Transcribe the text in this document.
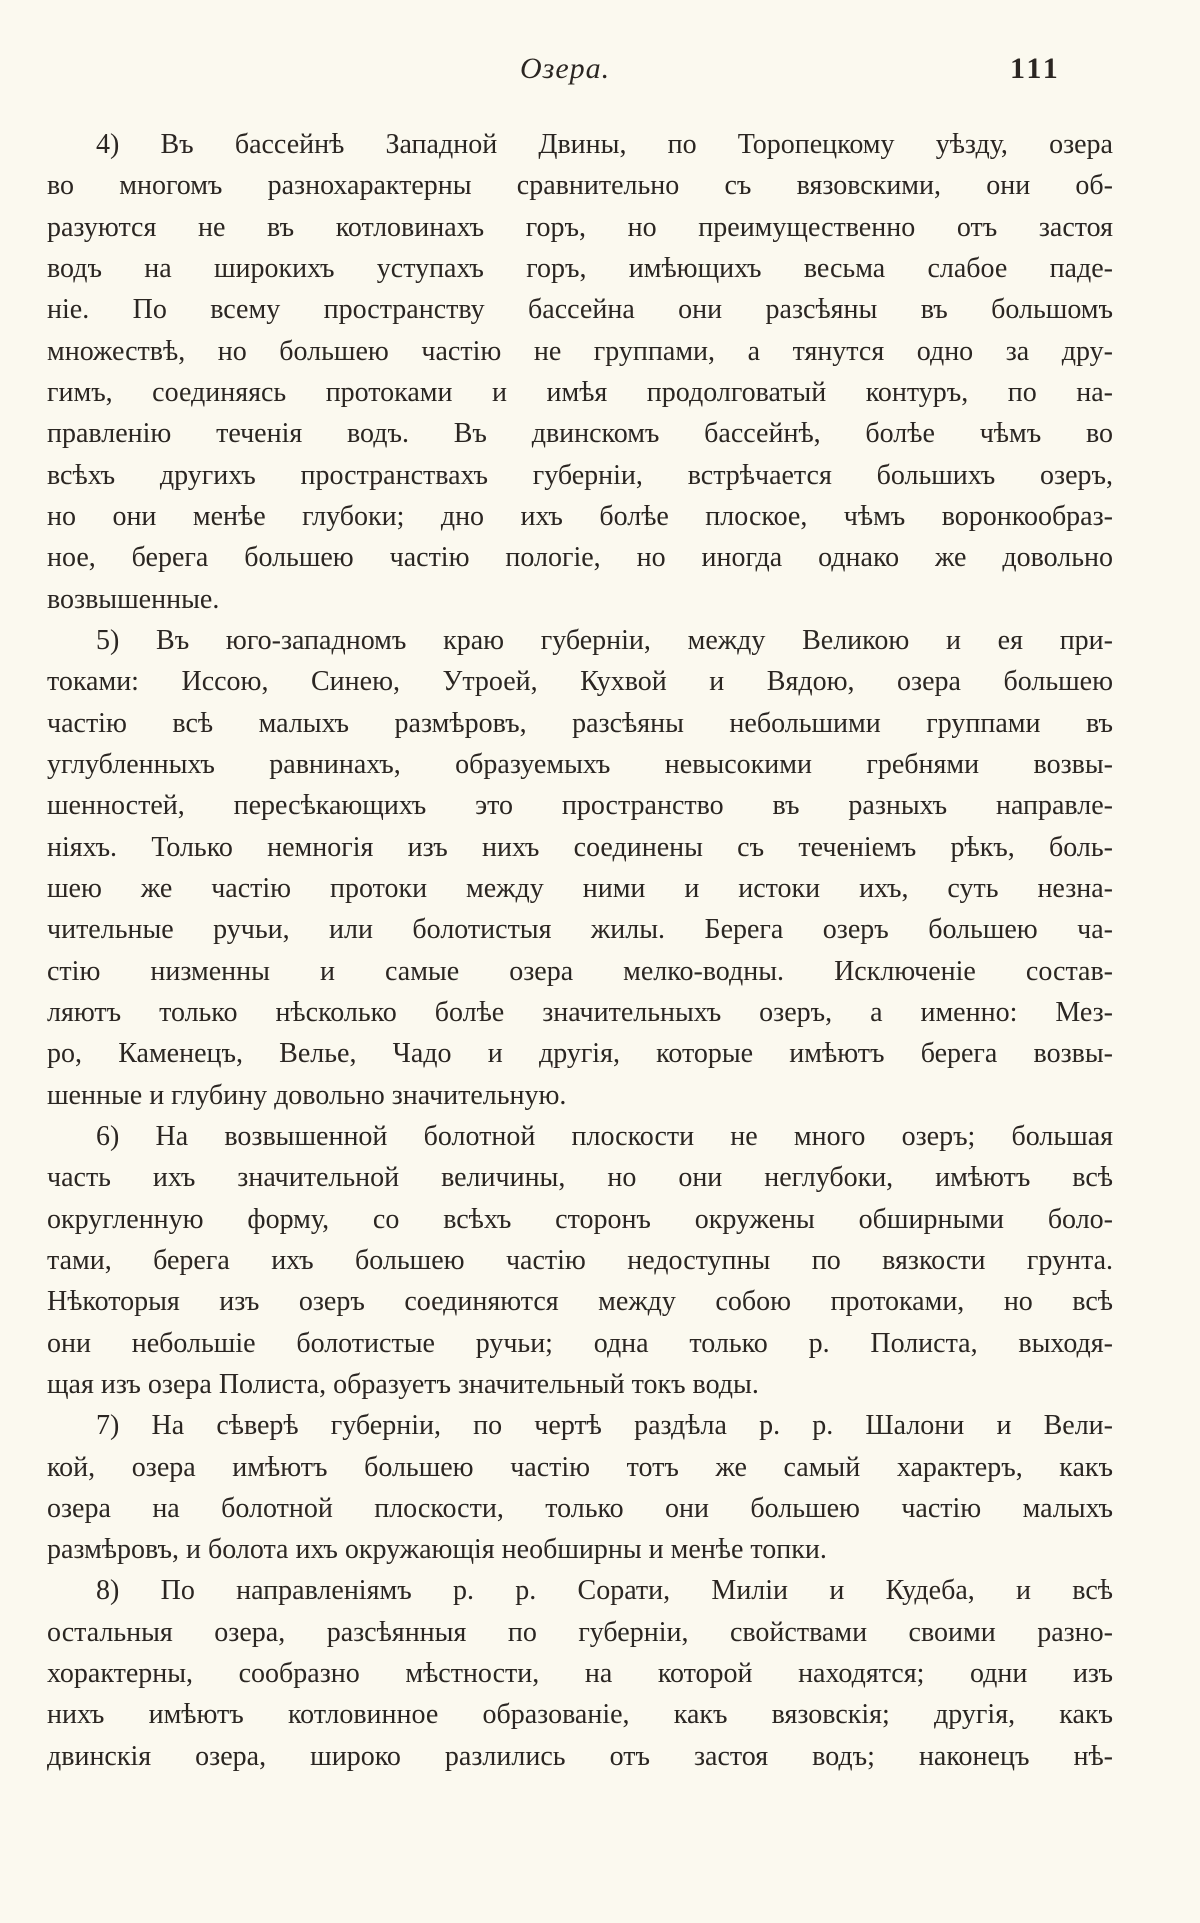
Озера.	111
4) Въ бассейнѣ Западной Двины, по Торопецкому уѣзду, озера
во многомъ разнохарактерны сравнительно съ вязовскими, они об-
разуются не въ котловинахъ горъ, но преимущественно отъ застоя
водъ на широкихъ уступахъ горъ, имѣющихъ весьма слабое паде-
ніе. По всему пространству бассейна они разсѣяны въ большомъ
множествѣ, но большею частію не группами, а тянутся одно за дру-
гимъ, соединяясь протоками и имѣя продолговатый контуръ, по на-
правленію теченія водъ. Въ двинскомъ бассейнѣ, болѣе чѣмъ во
всѣхъ другихъ пространствахъ губерніи, встрѣчается большихъ озеръ,
но они менѣе глубоки; дно ихъ болѣе плоское, чѣмъ воронкообраз-
ное, берега большею частію пологіе, но иногда однако же довольно
возвышенные.
5) Въ юго-западномъ краю губерніи, между Великою и ея при-
токами: Иссою, Синею, Утроей, Кухвой и Вядою, озера большею
частію всѣ малыхъ размѣровъ, разсѣяны небольшими группами въ
углубленныхъ равнинахъ, образуемыхъ невысокими гребнями возвы-
шенностей, пересѣкающихъ это пространство въ разныхъ направле-
ніяхъ. Только немногія изъ нихъ соединены съ теченіемъ рѣкъ, боль-
шею же частію протоки между ними и истоки ихъ, суть незна-
чительные ручьи, или болотистыя жилы. Берега озеръ большею ча-
стію низменны и самые озера мелко-водны. Исключеніе состав-
ляютъ только нѣсколько болѣе значительныхъ озеръ, а именно: Мез-
ро, Каменецъ, Велье, Чадо и другія, которые имѣютъ берега возвы-
шенные и глубину довольно значительную.
6) На возвышенной болотной плоскости не много озеръ; большая
часть ихъ значительной величины, но они неглубоки, имѣютъ всѣ
округленную форму, со всѣхъ сторонъ окружены обширными боло-
тами, берега ихъ большею частію недоступны по вязкости грунта.
Нѣкоторыя изъ озеръ соединяются между собою протоками, но всѣ
они небольшіе болотистые ручьи; одна только р. Полиста, выходя-
щая изъ озера Полиста, образуетъ значительный токъ воды.
7) На сѣверѣ губерніи, по чертѣ раздѣла р. р. Шалони и Вели-
кой, озера имѣютъ большею частію тотъ же самый характеръ, какъ
озера на болотной плоскости, только они большею частію малыхъ
размѣровъ, и болота ихъ окружающія необширны и менѣе топки.
8) По направленіямъ р. р. Сорати, Миліи и Кудеба, и всѣ
остальныя озера, разсѣянныя по губерніи, свойствами своими разно-
хорактерны, сообразно мѣстности, на которой находятся; одни изъ
нихъ имѣютъ котловинное образованіе, какъ вязовскія; другія, какъ
двинскія озера, широко разлились отъ застоя водъ; наконецъ нѣ-
